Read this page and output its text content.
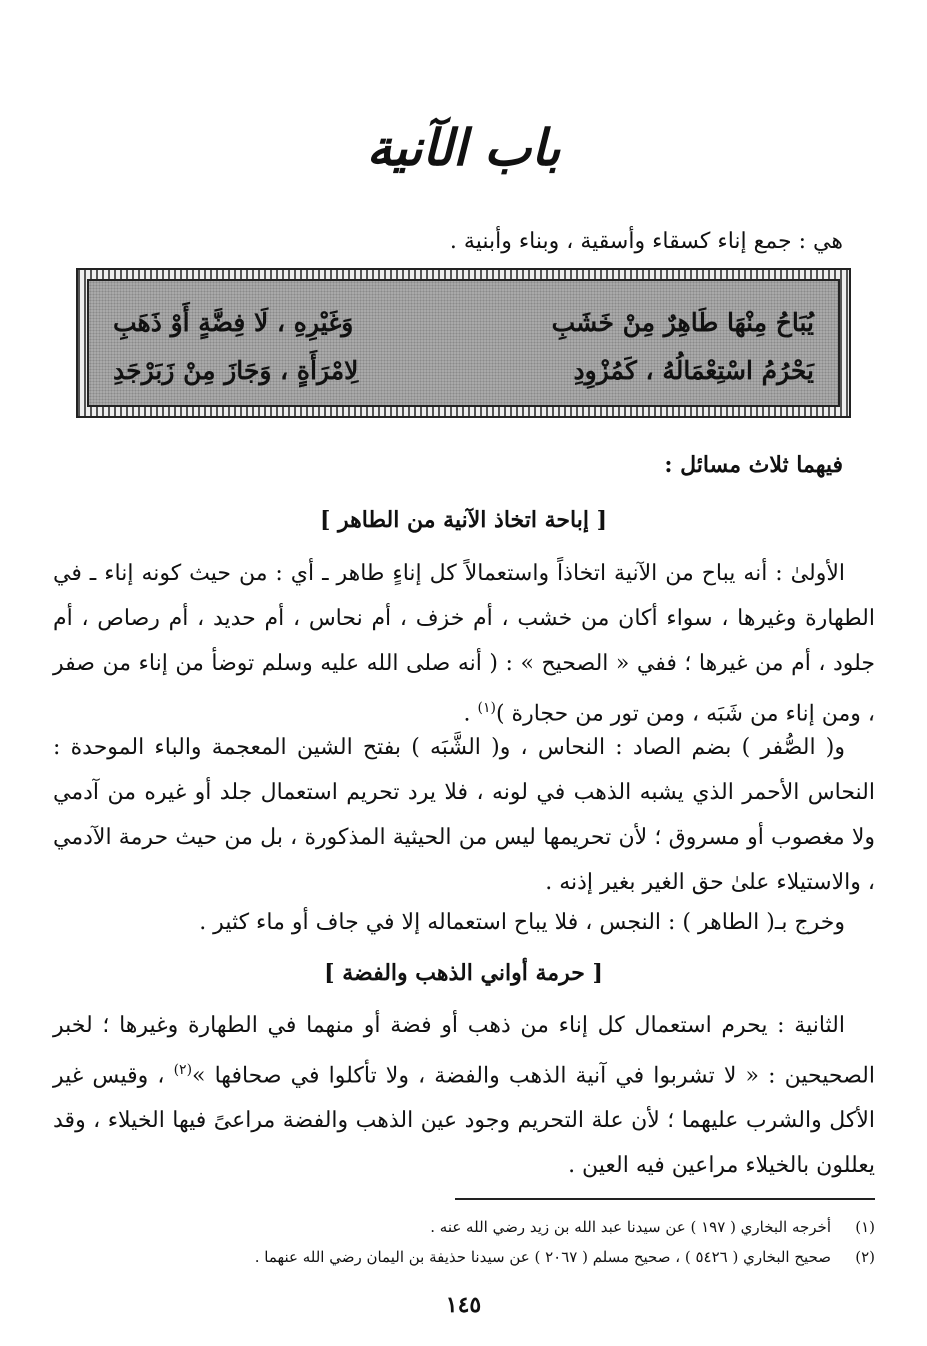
باب الآنية
هي : جمع إناء كسقاء وأسقية ، وبناء وأبنية .
يُبَاحُ مِنْهَا طَاهِرٌ مِنْ خَشَبِ
وَغَيْرِهِ ، لَا فِضَّةٍ أَوْ ذَهَبِ
يَحْرُمُ اسْتِعْمَالُهُ ، كَمُزْوِدِ
لِامْرَأَةٍ ، وَجَازَ مِنْ زَبَرْجَدِ
فيهما ثلاث مسائل :
[ إباحة اتخاذ الآنية من الطاهر ]

الأولىٰ : أنه يباح من الآنية اتخاذاً واستعمالاً كل إناءٍ طاهر ـ أي : من حيث كونه إناء ـ في الطهارة وغيرها ، سواء أكان من خشب ، أم خزف ، أم نحاس ، أم حديد ، أم رصاص ، أم جلود ، أم من غيرها ؛ ففي « الصحيح » : ( أنه صلى الله عليه وسلم توضأ من إناء من صفر ، ومن إناء من شَبَه ، ومن تور من حجارة )$^{(١)}$ .

و( الصُّفر ) بضم الصاد : النحاس ، و( الشَّبَه ) بفتح الشين المعجمة والباء الموحدة : النحاس الأحمر الذي يشبه الذهب في لونه ، فلا يرد تحريم استعمال جلد أو غيره من آدمي ولا مغصوب أو مسروق ؛ لأن تحريمها ليس من الحيثية المذكورة ، بل من حيث حرمة الآدمي ، والاستيلاء علىٰ حق الغير بغير إذنه .

وخرج بـ( الطاهر ) : النجس ، فلا يباح استعماله إلا في جاف أو ماء كثير .

[ حرمة أواني الذهب والفضة ]

الثانية : يحرم استعمال كل إناء من ذهب أو فضة أو منهما في الطهارة وغيرها ؛ لخبر الصحيحين : « لا تشربوا في آنية الذهب والفضة ، ولا تأكلوا في صحافها »$^{(٢)}$ ، وقيس غير الأكل والشرب عليهما ؛ لأن علة التحريم وجود عين الذهب والفضة مراعىً فيها الخيلاء ، وقد يعللون بالخيلاء مراعين فيه العين .

(١)
أخرجه البخاري ( ١٩٧ ) عن سيدنا عبد الله بن زيد رضي الله عنه .
(٢)
صحيح البخاري ( ٥٤٢٦ ) ، صحيح مسلم ( ٢٠٦٧ ) عن سيدنا حذيفة بن اليمان رضي الله عنهما .
١٤٥
